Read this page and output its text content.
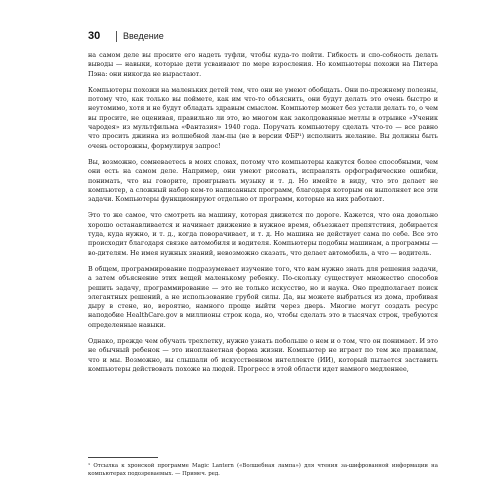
30	Введение

на самом деле вы просите его надеть туфли, чтобы куда-то пойти. Гибкость и спо-собность делать выводы — навыки, которые дети усваивают по мере взросления. Но компьютеры похожи на Питера Пэна: они никогда не вырастают.

Компьютеры похожи на маленьких детей тем, что они не умеют обобщать. Они по-прежнему полезны, потому что, как только вы поймете, как им что-то объяснить, они будут делать это очень быстро и неутомимо, хотя и не будут обладать здравым смыслом. Компьютер может без устали делать то, о чем вы просите, не оценивая, правильно ли это, во многом как заколдованные метлы в отрывке «Ученик чародея» из мультфильма «Фантазия» 1940 года. Поручать компьютеру сделать что-то — все равно что просить джинна из волшебной лам-пы (не в версии ФБР¹) исполнить желание. Вы должны быть очень осторожны, формулируя запрос!

Вы, возможно, сомневаетесь в моих словах, потому что компьютеры кажутся более способными, чем они есть на самом деле. Например, они умеют рисовать, исправлять орфографические ошибки, понимать, что вы говорите, проигрывать музыку и т. д. Но имейте в виду, что это делает не компьютер, а сложный набор кем-то написанных программ, благодаря которым он выполняет все эти задачи. Компьютеры функционируют отдельно от программ, которые на них работают.

Это то же самое, что смотреть на машину, которая движется по дороге. Кажется, что она довольно хорошо останавливается и начинает движение в нужное время, объезжает препятствия, добирается туда, куда нужно, и т. д., когда поворачивает, и т. д. Но машина не действует сама по себе. Все это происходит благодаря связке автомобиля и водителя. Компьютеры подобны машинам, а программы — во-дителям. Не имея нужных знаний, невозможно сказать, что делает автомобиль, а что — водитель.

В общем, программирование подразумевает изучение того, что вам нужно знать для решения задачи, а затем объяснение этих вещей маленькому ребенку. По-скольку существует множество способов решить задачу, программирование — это не только искусство, но и наука. Оно предполагает поиск элегантных решений, а не использование грубой силы. Да, вы можете выбраться из дома, пробивая дыру в стене, но, вероятно, намного проще выйти через дверь. Многие могут создать ресурс наподобие HealthCare.gov в миллионы строк кода, но, чтобы сделать это в тысячах строк, требуются определенные навыки.

Однако, прежде чем обучать трехлетку, нужно узнать побольше о нем и о том, что он понимает. И это не обычный ребенок — это инопланетная форма жизни. Компьютер не играет по тем же правилам, что и мы. Возможно, вы слышали об искусственном интеллекте (ИИ), который пытается заставить компьютеры действовать похоже на людей. Прогресс в этой области идет намного медленнее,

¹ Отсылка к хронской программе Magic Lantern («Волшебная лампа») для чтения за-шифрованной информации на компьютерах подозреваемых. — Примеч. ред.
